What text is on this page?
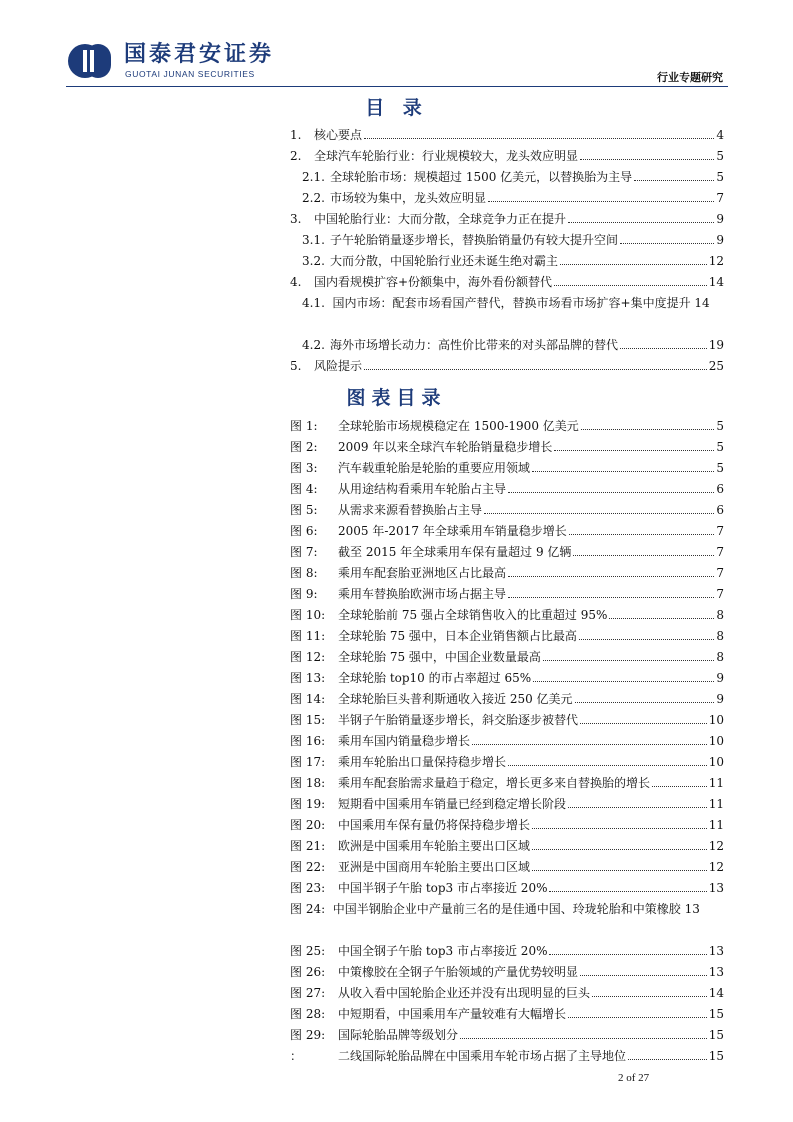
国泰君安证券
GUOTAI JUNAN SECURITIES	行业专题研究
目 录
1.	核心要点	4
2.	全球汽车轮胎行业：行业规模较大，龙头效应明显	5
2.1. 全球轮胎市场：规模超过 1500 亿美元，以替换胎为主导	5
2.2. 市场较为集中，龙头效应明显	7
3.	中国轮胎行业：大而分散，全球竞争力正在提升	9
3.1. 子午轮胎销量逐步增长，替换胎销量仍有较大提升空间	9
3.2. 大而分散，中国轮胎行业还未诞生绝对霸主	12
4.	国内看规模扩容+份额集中，海外看份额替代	14
4.1. 国内市场：配套市场看国产替代，替换市场看市场扩容+集中度提升 14
4.2. 海外市场增长动力：高性价比带来的对头部品牌的替代	19
5.	风险提示	25
图表目录
图 1:	全球轮胎市场规模稳定在 1500-1900 亿美元	5
图 2:	2009 年以来全球汽车轮胎销量稳步增长	5
图 3:	汽车载重轮胎是轮胎的重要应用领域	5
图 4:	从用途结构看乘用车轮胎占主导	6
图 5:	从需求来源看替换胎占主导	6
图 6:	2005 年-2017 年全球乘用车销量稳步增长	7
图 7:	截至 2015 年全球乘用车保有量超过 9 亿辆	7
图 8:	乘用车配套胎亚洲地区占比最高	7
图 9:	乘用车替换胎欧洲市场占据主导	7
图 10:	全球轮胎前 75 强占全球销售收入的比重超过 95%	8
图 11:	全球轮胎 75 强中，日本企业销售额占比最高	8
图 12:	全球轮胎 75 强中，中国企业数量最高	8
图 13:	全球轮胎 top10 的市占率超过 65%	9
图 14:	全球轮胎巨头普利斯通收入接近 250 亿美元	9
图 15:	半钢子午胎销量逐步增长，斜交胎逐步被替代	10
图 16:	乘用车国内销量稳步增长	10
图 17:	乘用车轮胎出口量保持稳步增长	10
图 18:	乘用车配套胎需求量趋于稳定，增长更多来自替换胎的增长	11
图 19:	短期看中国乘用车销量已经到稳定增长阶段	11
图 20:	中国乘用车保有量仍将保持稳步增长	11
图 21:	欧洲是中国乘用车轮胎主要出口区域	12
图 22:	亚洲是中国商用车轮胎主要出口区域	12
图 23:	中国半钢子午胎 top3 市占率接近 20%	13
图 24: 中国半钢胎企业中产量前三名的是佳通中国、玲珑轮胎和中策橡胶 13
图 25:	中国全钢子午胎 top3 市占率接近 20%	13
图 26:	中策橡胶在全钢子午胎领域的产量优势较明显	13
图 27:	从收入看中国轮胎企业还并没有出现明显的巨头	14
图 28:	中短期看，中国乘用车产量较难有大幅增长	15
图 29:	国际轮胎品牌等级划分	15
：	二线国际轮胎品牌在中国乘用车轮市场占据了主导地位	15
2 of 27
